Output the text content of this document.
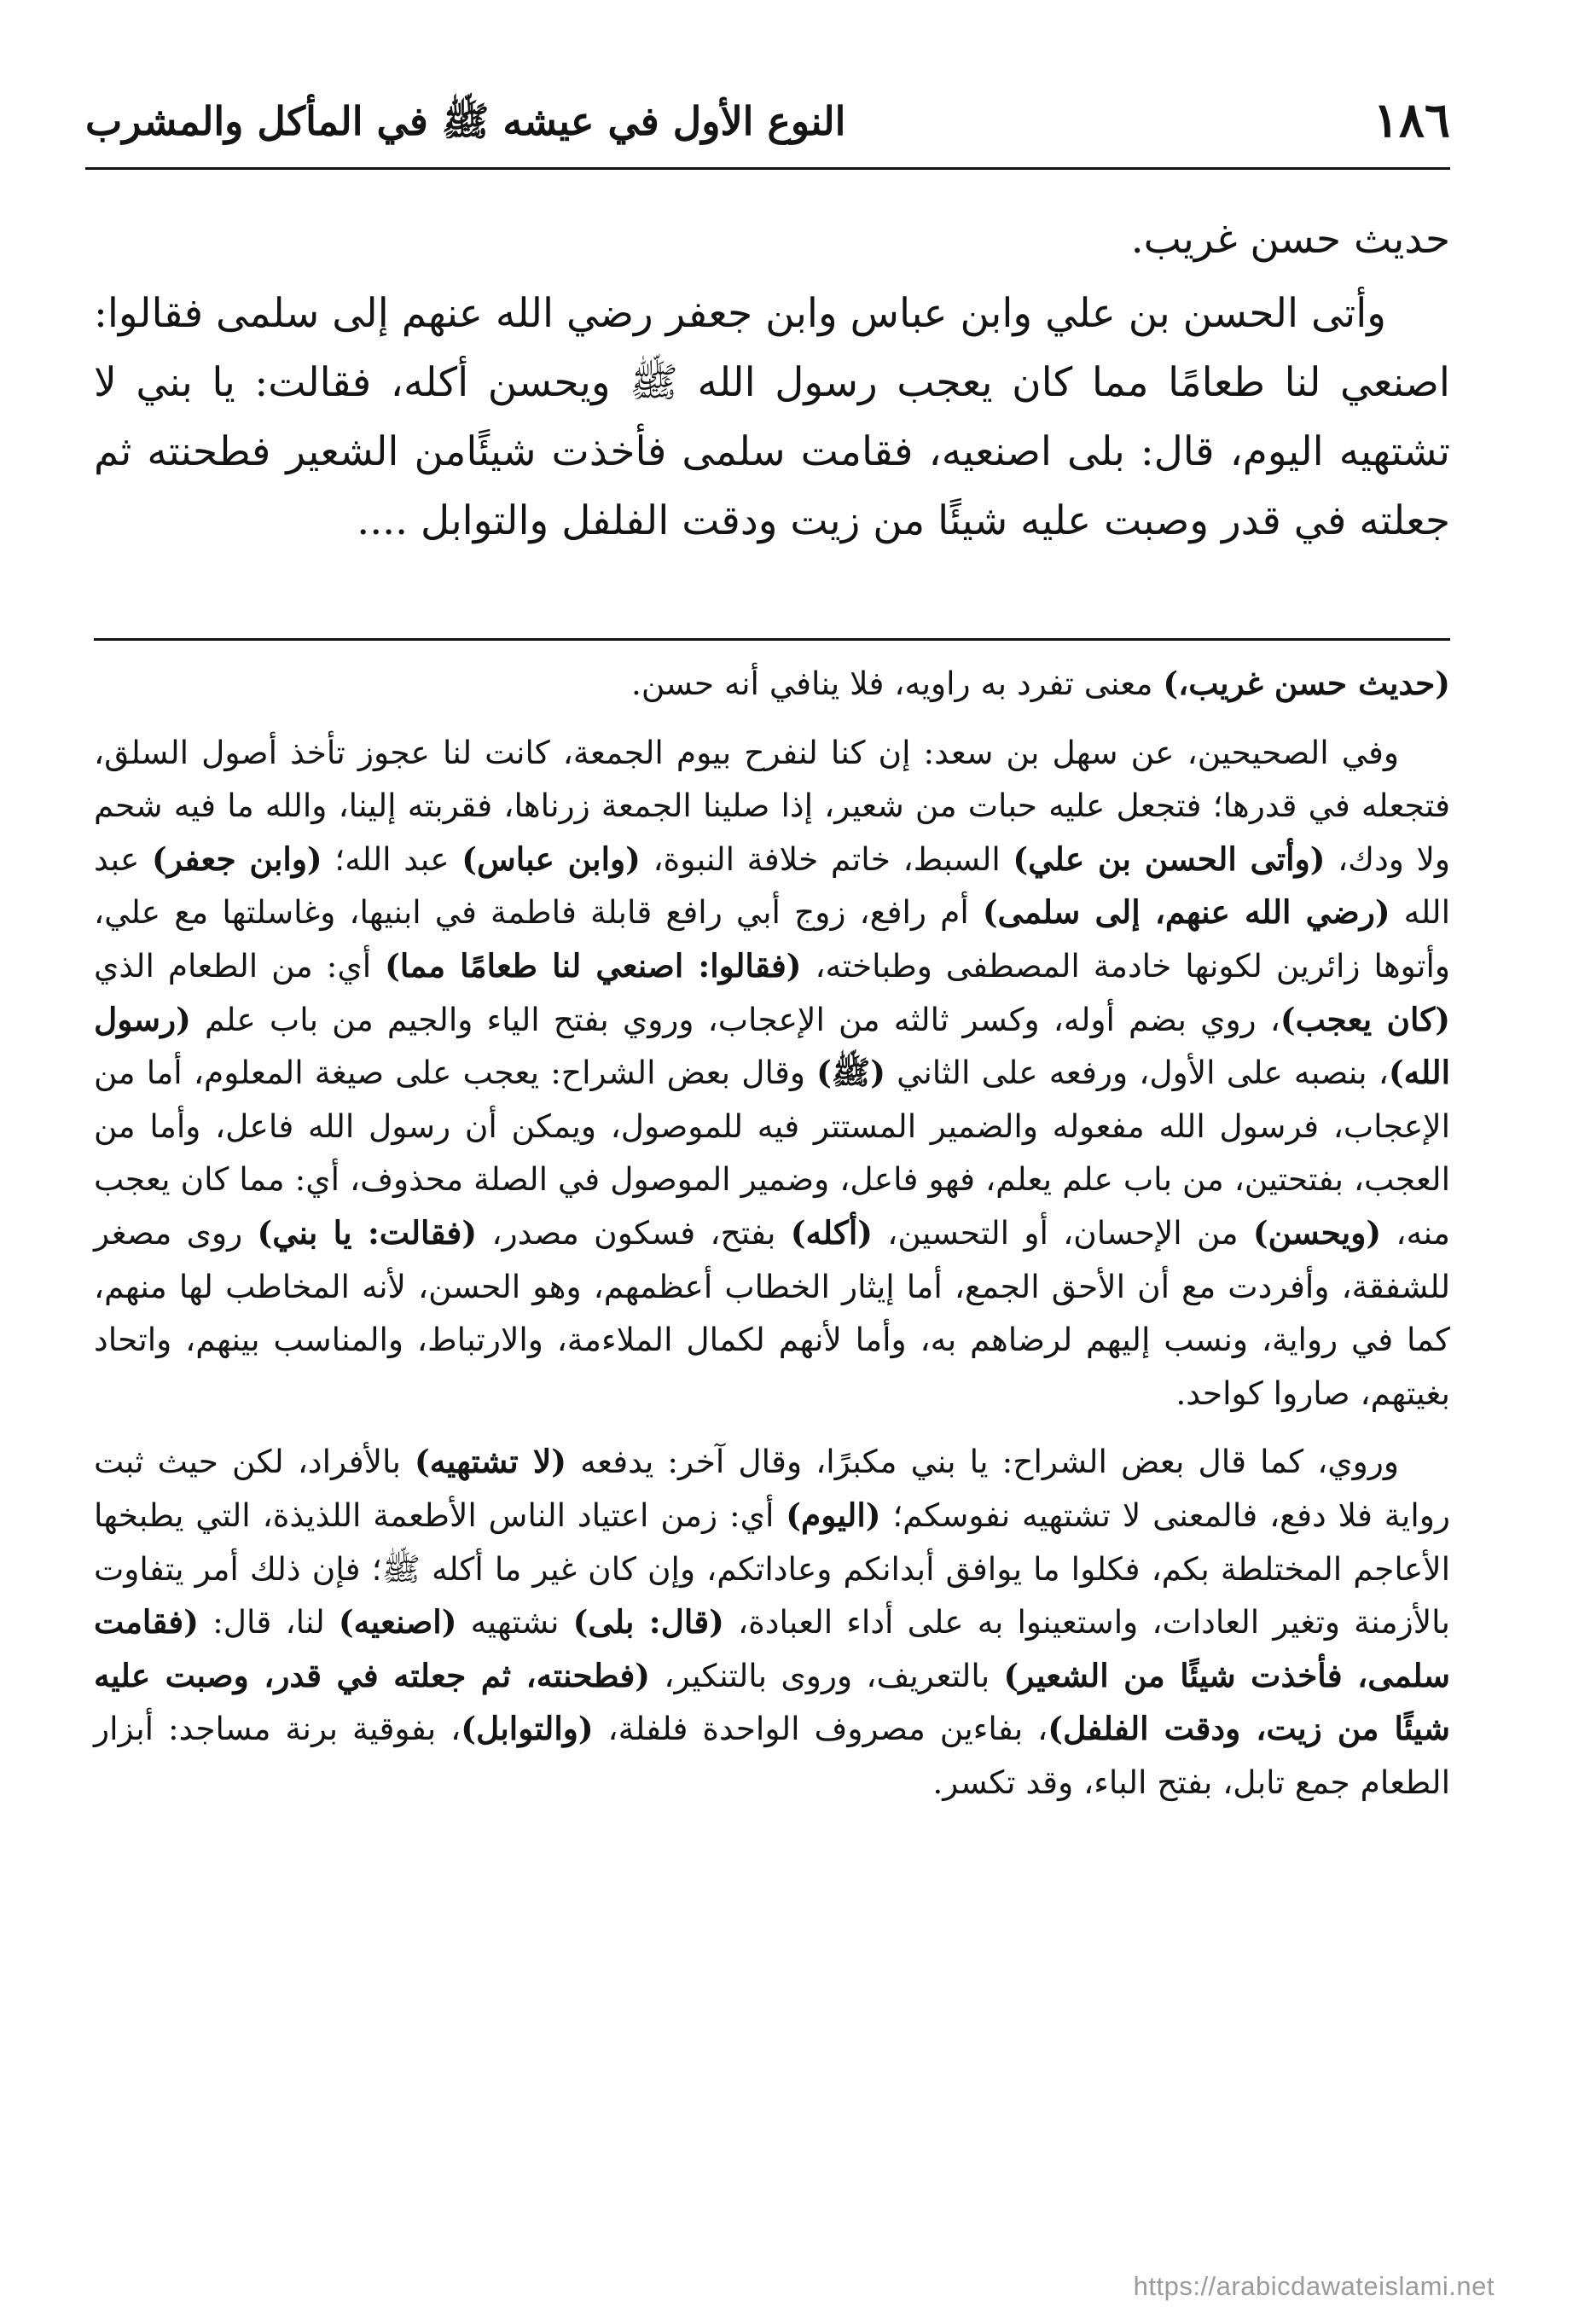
١٨٦
النوع الأول في عيشه ﷺ في المأكل والمشرب

حديث حسن غريب.

وأتى الحسن بن علي وابن عباس وابن جعفر رضي الله عنهم إلى سلمى فقالوا: اصنعي لنا طعامًا مما كان يعجب رسول الله ﷺ ويحسن أكله، فقالت: يا بني لا تشتهيه اليوم، قال: بلى اصنعيه، فقامت سلمى فأخذت شيئًامن الشعير فطحنته ثم جعلته في قدر وصبت عليه شيئًا من زيت ودقت الفلفل والتوابل ....

(حديث حسن غريب،) معنى تفرد به راويه، فلا ينافي أنه حسن.

وفي الصحيحين، عن سهل بن سعد: إن كنا لنفرح بيوم الجمعة، كانت لنا عجوز تأخذ أصول السلق، فتجعله في قدرها؛ فتجعل عليه حبات من شعير، إذا صلينا الجمعة زرناها، فقربته إلينا، والله ما فيه شحم ولا ودك، (وأتى الحسن بن علي) السبط، خاتم خلافة النبوة، (وابن عباس) عبد الله؛ (وابن جعفر) عبد الله (رضي الله عنهم، إلى سلمى) أم رافع، زوج أبي رافع قابلة فاطمة في ابنيها، وغاسلتها مع علي، وأتوها زائرين لكونها خادمة المصطفى وطباخته، (فقالوا: اصنعي لنا طعامًا مما) أي: من الطعام الذي (كان يعجب)، روي بضم أوله، وكسر ثالثه من الإعجاب، وروي بفتح الياء والجيم من باب علم (رسول الله)، بنصبه على الأول، ورفعه على الثاني (ﷺ) وقال بعض الشراح: يعجب على صيغة المعلوم، أما من الإعجاب، فرسول الله مفعوله والضمير المستتر فيه للموصول، ويمكن أن رسول الله فاعل، وأما من العجب، بفتحتين، من باب علم يعلم، فهو فاعل، وضمير الموصول في الصلة محذوف، أي: مما كان يعجب منه، (ويحسن) من الإحسان، أو التحسين، (أكله) بفتح، فسكون مصدر، (فقالت: يا بني) روى مصغر للشفقة، وأفردت مع أن الأحق الجمع، أما إيثار الخطاب أعظمهم، وهو الحسن، لأنه المخاطب لها منهم، كما في رواية، ونسب إليهم لرضاهم به، وأما لأنهم لكمال الملاءمة، والارتباط، والمناسب بينهم، واتحاد بغيتهم، صاروا كواحد.

وروي، كما قال بعض الشراح: يا بني مكبرًا، وقال آخر: يدفعه (لا تشتهيه) بالأفراد، لكن حيث ثبت رواية فلا دفع، فالمعنى لا تشتهيه نفوسكم؛ (اليوم) أي: زمن اعتياد الناس الأطعمة اللذيذة، التي يطبخها الأعاجم المختلطة بكم، فكلوا ما يوافق أبدانكم وعاداتكم، وإن كان غير ما أكله ﷺ؛ فإن ذلك أمر يتفاوت بالأزمنة وتغير العادات، واستعينوا به على أداء العبادة، (قال: بلى) نشتهيه (اصنعيه) لنا، قال: (فقامت سلمى، فأخذت شيئًا من الشعير) بالتعريف، وروى بالتنكير، (فطحنته، ثم جعلته في قدر، وصبت عليه شيئًا من زيت، ودقت الفلفل)، بفاءين مصروف الواحدة فلفلة، (والتوابل)، بفوقية برنة مساجد: أبزار الطعام جمع تابل، بفتح الباء، وقد تكسر.

https://arabicdawateislami.net
